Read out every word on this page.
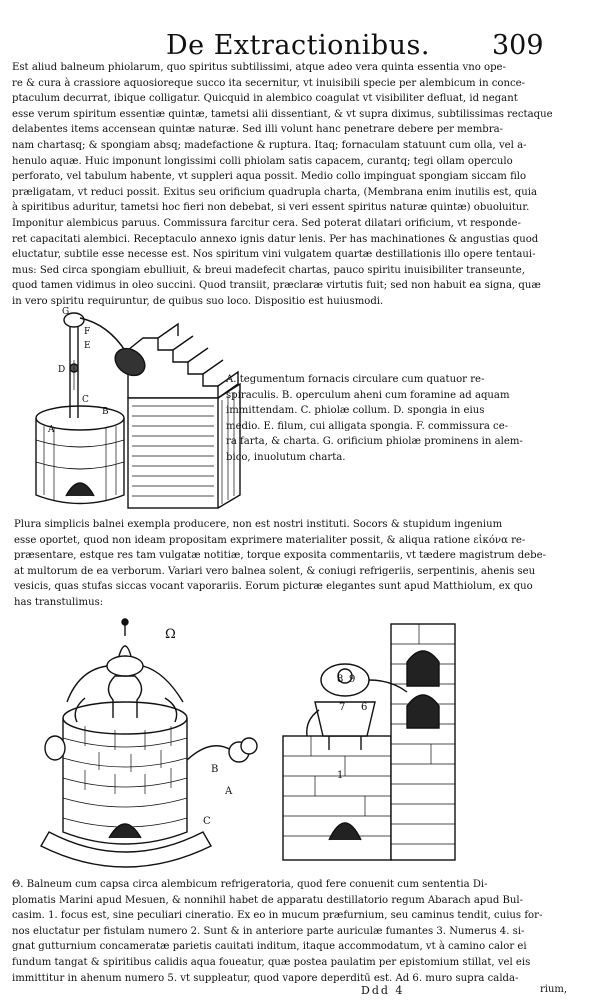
De Extractionibus.	309
Est aliud balneum phiolarum, quo spiritus subtilissimi, atque adeo vera quinta essentia vno ope-
re & cura à crassiore aquosioreque succo ita secernitur, vt inuisibili specie per alembicum in conce-
ptaculum decurrat, ibique colligatur. Quicquid in alembico coagulat vt visibiliter defluat, id negant
esse verum spiritum essentiæ quintæ, tametsi alii dissentiant, & vt supra diximus, subtilissimas rectaque
delabentes items accensean quintæ naturæ. Sed illi volunt hanc penetrare debere per membra-
nam chartasq; & spongiam absq; madefactione & ruptura. Itaq; fornaculam statuunt cum olla, vel a-
henulo aquæ. Huic imponunt longissimi colli phiolam satis capacem, curantq; tegi ollam operculo
perforato, vel tabulum habente, vt suppleri aqua possit. Medio collo impinguat spongiam siccam filo
præligatam, vt reduci possit. Exitus seu orificium quadrupla charta, (Membrana enim inutilis est, quia
à spiritibus aduritur, tametsi hoc fieri non debebat, si veri essent spiritus naturæ quintæ) obuoluitur.
Imponitur alembicus paruus. Commissura farcitur cera. Sed poterat dilatari orificium, vt responde-
ret capacitati alembici. Receptaculo annexo ignis datur lenis. Per has machinationes & angustias quod
eluctatur, subtile esse necesse est. Nos spiritum vini vulgatem quartæ destillationis illo opere tentaui-
mus: Sed circa spongiam ebulliuit, & breui madefecit chartas, pauco spiritu inuisibiliter transeunte,
quod tamen vidimus in oleo succini. Quod transiit, præclaræ virtutis fuit; sed non habuit ea signa, quæ
in vero spiritu requiruntur, de quibus suo loco. Dispositio est huiusmodi.
G
F
E
D
C
B
A
A. tegumentum fornacis circulare cum quatuor re-
spiraculis. B. operculum aheni cum foramine ad aquam
immittendam. C. phiolæ collum. D. spongia in eius
medio. E. filum, cui alligata spongia. F. commissura ce-
ra farta, & charta. G. orificium phiolæ prominens in alem-
bico, inuolutum charta.
Plura simplicis balnei exempla producere, non est nostri instituti. Socors & stupidum ingenium
esse oportet, quod non ideam propositam exprimere materialiter possit, & aliqua ratione εἰκόνα re-
præsentare, estque res tam vulgatæ notitiæ, torque exposita commentariis, vt tædere magistrum debe-
at multorum de ea verborum. Variari vero balnea solent, & coniugi refrigeriis, serpentinis, ahenis seu
vesicis, quas stufas siccas vocant vaporariis. Eorum picturæ elegantes sunt apud Matthiolum, ex quo
has transtulimus:
Ω
A
B
C
1
6
7
8 9
Θ. Balneum cum capsa circa alembicum refrigeratoria, quod fere conuenit cum sententia Di-
plomatis Marini apud Mesuen, & nonnihil habet de apparatu destillatorio regum Abarach apud Bul-
casim. 1. focus est, sine peculiari cineratio. Ex eo in mucum præfurnium, seu caminus tendit, cuius for-
nos eluctatur per fistulam numero 2. Sunt & in anteriore parte auriculæ fumantes 3. Numerus 4. si-
gnat gutturnium concameratæ parietis cauitati inditum, itaque accommodatum, vt à camino calor ei
fundum tangat & spiritibus calidis aqua foueatur, quæ postea paulatim per epistomium stillat, vel eis
immittitur in ahenum numero 5. vt suppleatur, quod vapore deperditū est. Ad 6. muro supra calda-
Ddd 4	rium,
